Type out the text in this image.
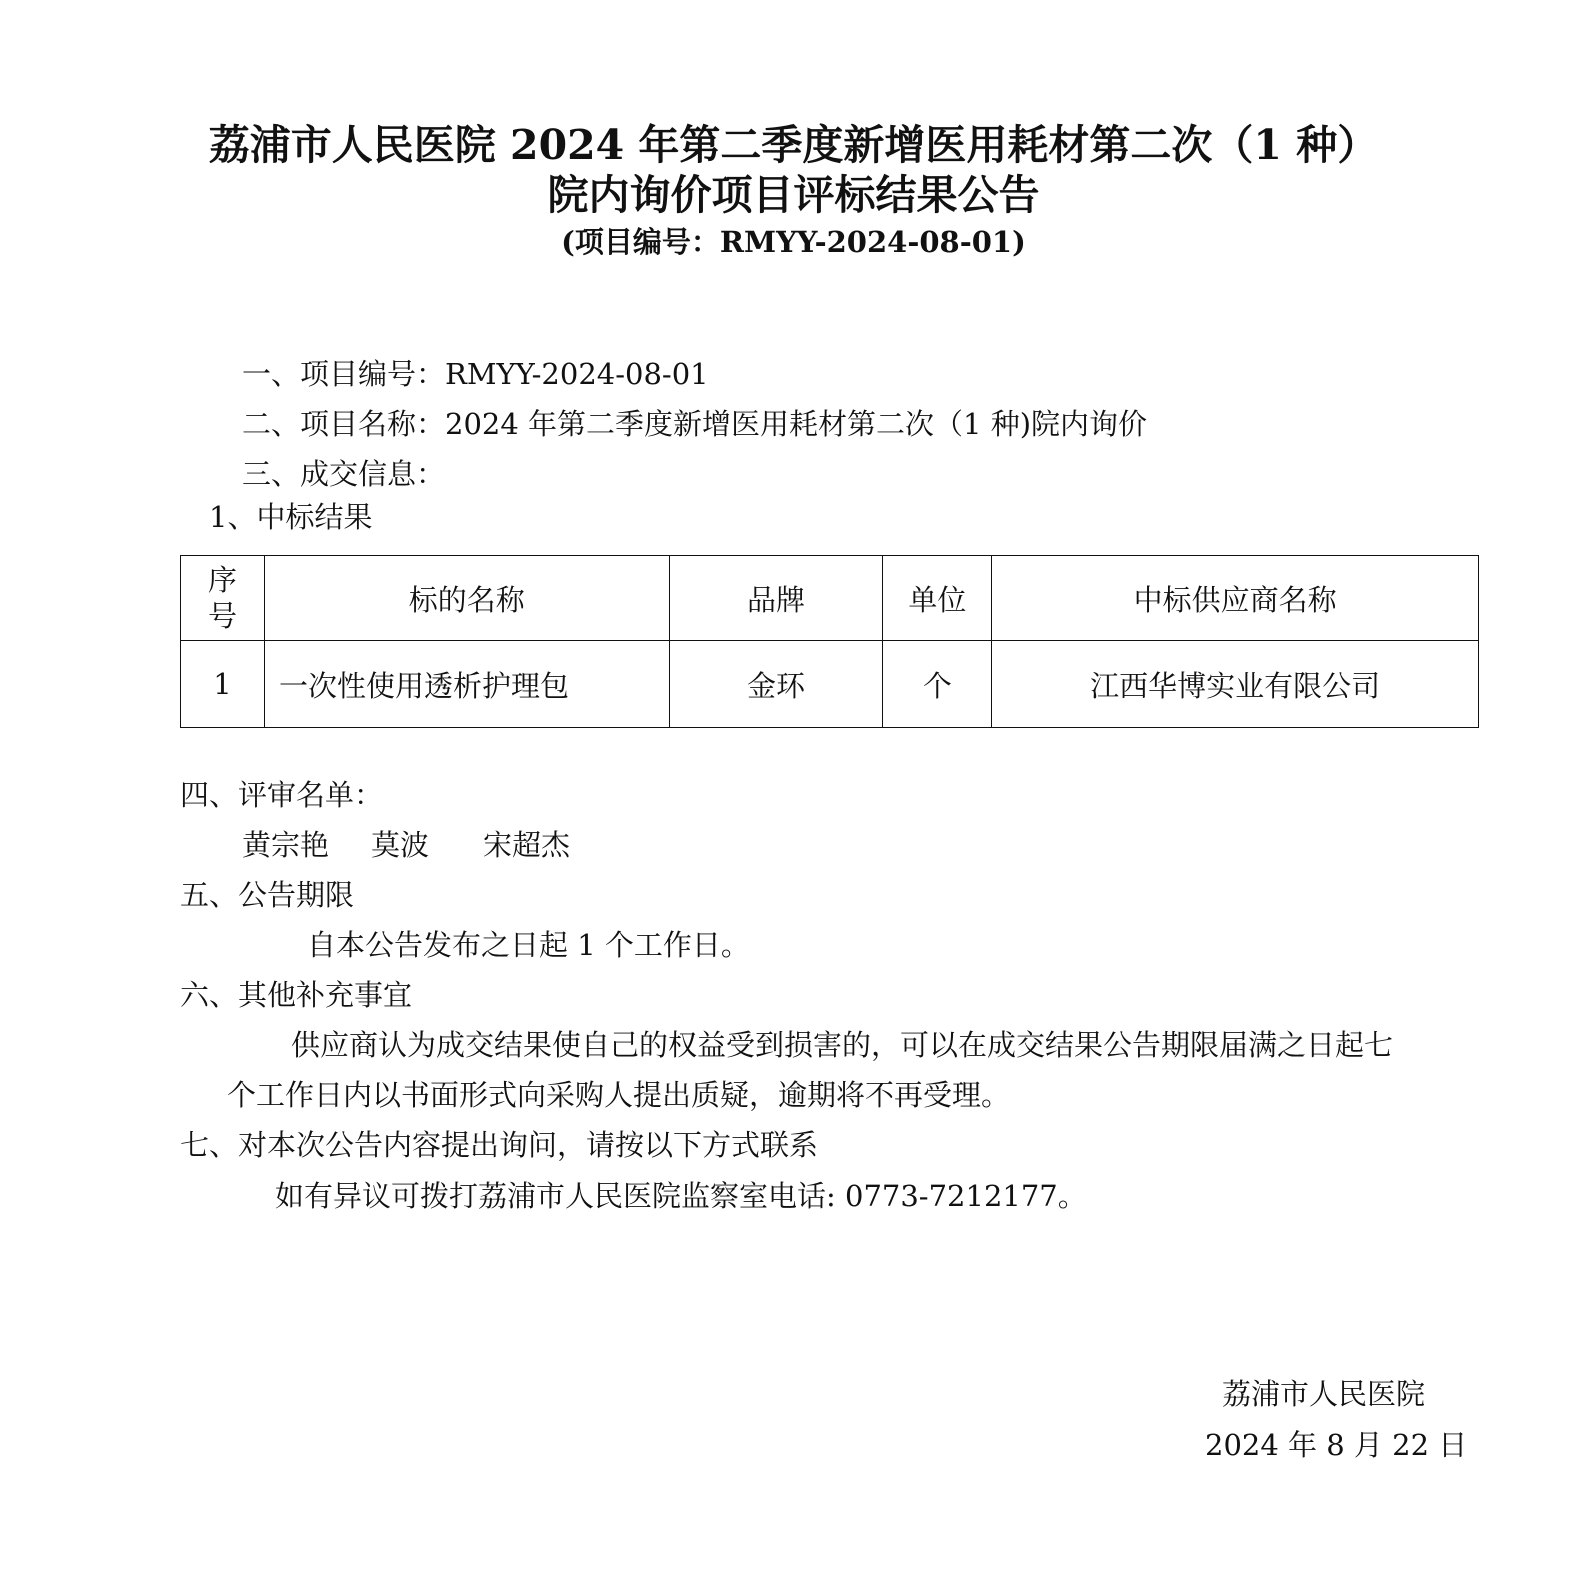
荔浦市人民医院 2024 年第二季度新增医用耗材第二次（1 种）
院内询价项目评标结果公告
(项目编号：RMYY-2024-08-01)
一、项目编号：RMYY-2024-08-01
二、项目名称：2024 年第二季度新增医用耗材第二次（1 种)院内询价
三、成交信息：
1、中标结果
序
号	标的名称	品牌	单位	中标供应商名称
1	一次性使用透析护理包	金环	个	江西华博实业有限公司
四、评审名单：
黄宗艳 莫波 宋超杰
五、公告期限
自本公告发布之日起 1 个工作日。
六、其他补充事宜
供应商认为成交结果使自己的权益受到损害的，可以在成交结果公告期限届满之日起七
个工作日内以书面形式向采购人提出质疑，逾期将不再受理。
七、对本次公告内容提出询问，请按以下方式联系
如有异议可拨打荔浦市人民医院监察室电话: 0773-7212177。
荔浦市人民医院
2024 年 8 月 22 日
